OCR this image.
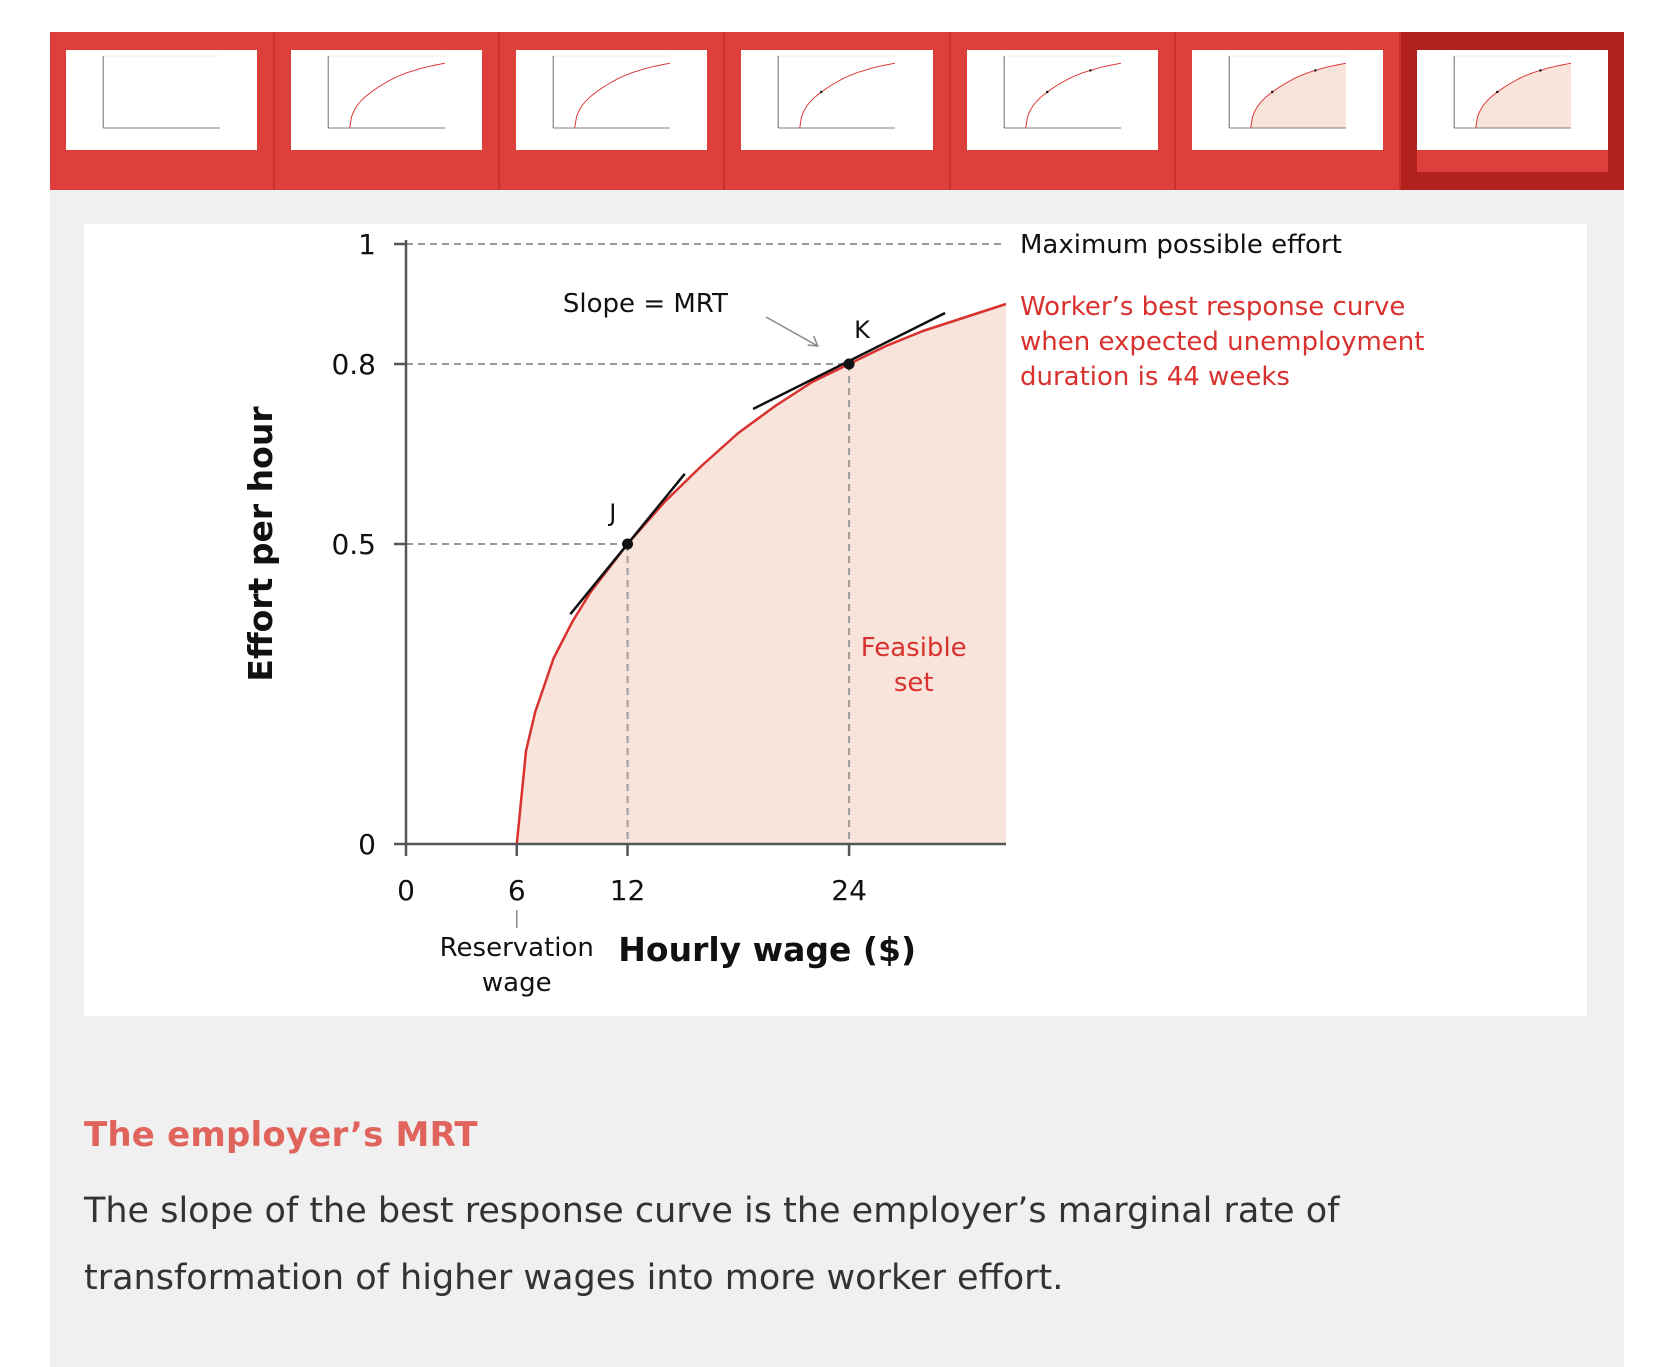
0
0.5
0.8
1
0	6	12	24
Hourly wage ($)
Effort per hour
Reservation
wage
Maximum possible effort
Worker’s best response curve
when expected unemployment
duration is 44 weeks
Feasible
set
J
K
Slope = MRT
The employer’s MRT

The slope of the best response curve is the employer’s marginal rate of transformation of higher wages into more worker effort.
